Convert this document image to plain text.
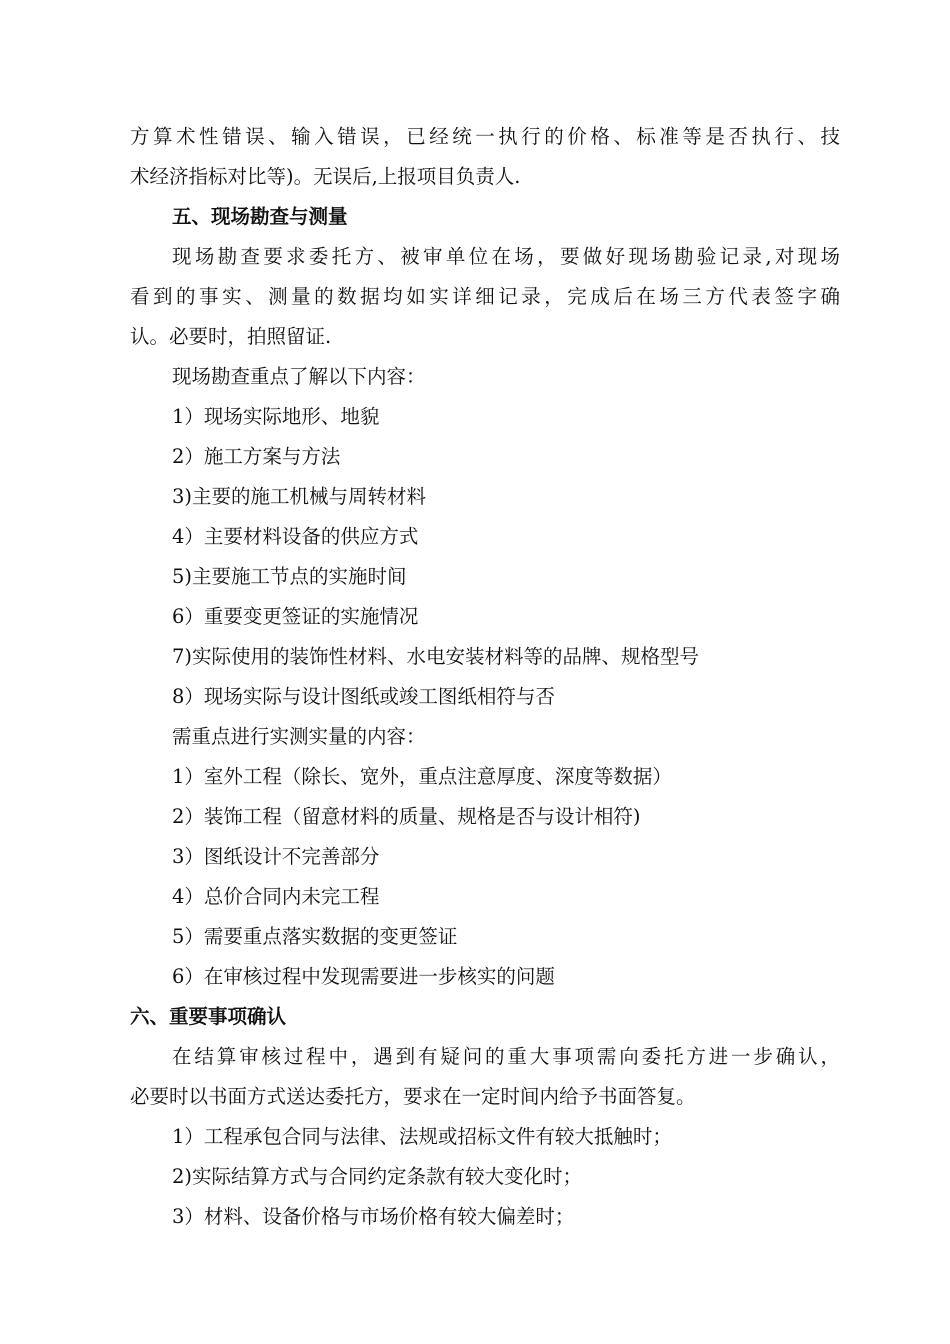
方算术性错误、输入错误，已经统一执行的价格、标准等是否执行、技
术经济指标对比等)。无误后,上报项目负责人.
五、现场勘查与测量
现场勘查要求委托方、被审单位在场，要做好现场勘验记录,对现场
看到的事实、测量的数据均如实详细记录，完成后在场三方代表签字确
认。必要时，拍照留证.
现场勘查重点了解以下内容：
1）现场实际地形、地貌
2）施工方案与方法
3)主要的施工机械与周转材料
4）主要材料设备的供应方式
5)主要施工节点的实施时间
6）重要变更签证的实施情况
7)实际使用的装饰性材料、水电安装材料等的品牌、规格型号
8）现场实际与设计图纸或竣工图纸相符与否
需重点进行实测实量的内容：
1）室外工程（除长、宽外，重点注意厚度、深度等数据）
2）装饰工程（留意材料的质量、规格是否与设计相符)
3）图纸设计不完善部分
4）总价合同内未完工程
5）需要重点落实数据的变更签证
6）在审核过程中发现需要进一步核实的问题
六、重要事项确认
在结算审核过程中，遇到有疑问的重大事项需向委托方进一步确认，
必要时以书面方式送达委托方，要求在一定时间内给予书面答复。
1）工程承包合同与法律、法规或招标文件有较大抵触时；
2)实际结算方式与合同约定条款有较大变化时；
3）材料、设备价格与市场价格有较大偏差时；
